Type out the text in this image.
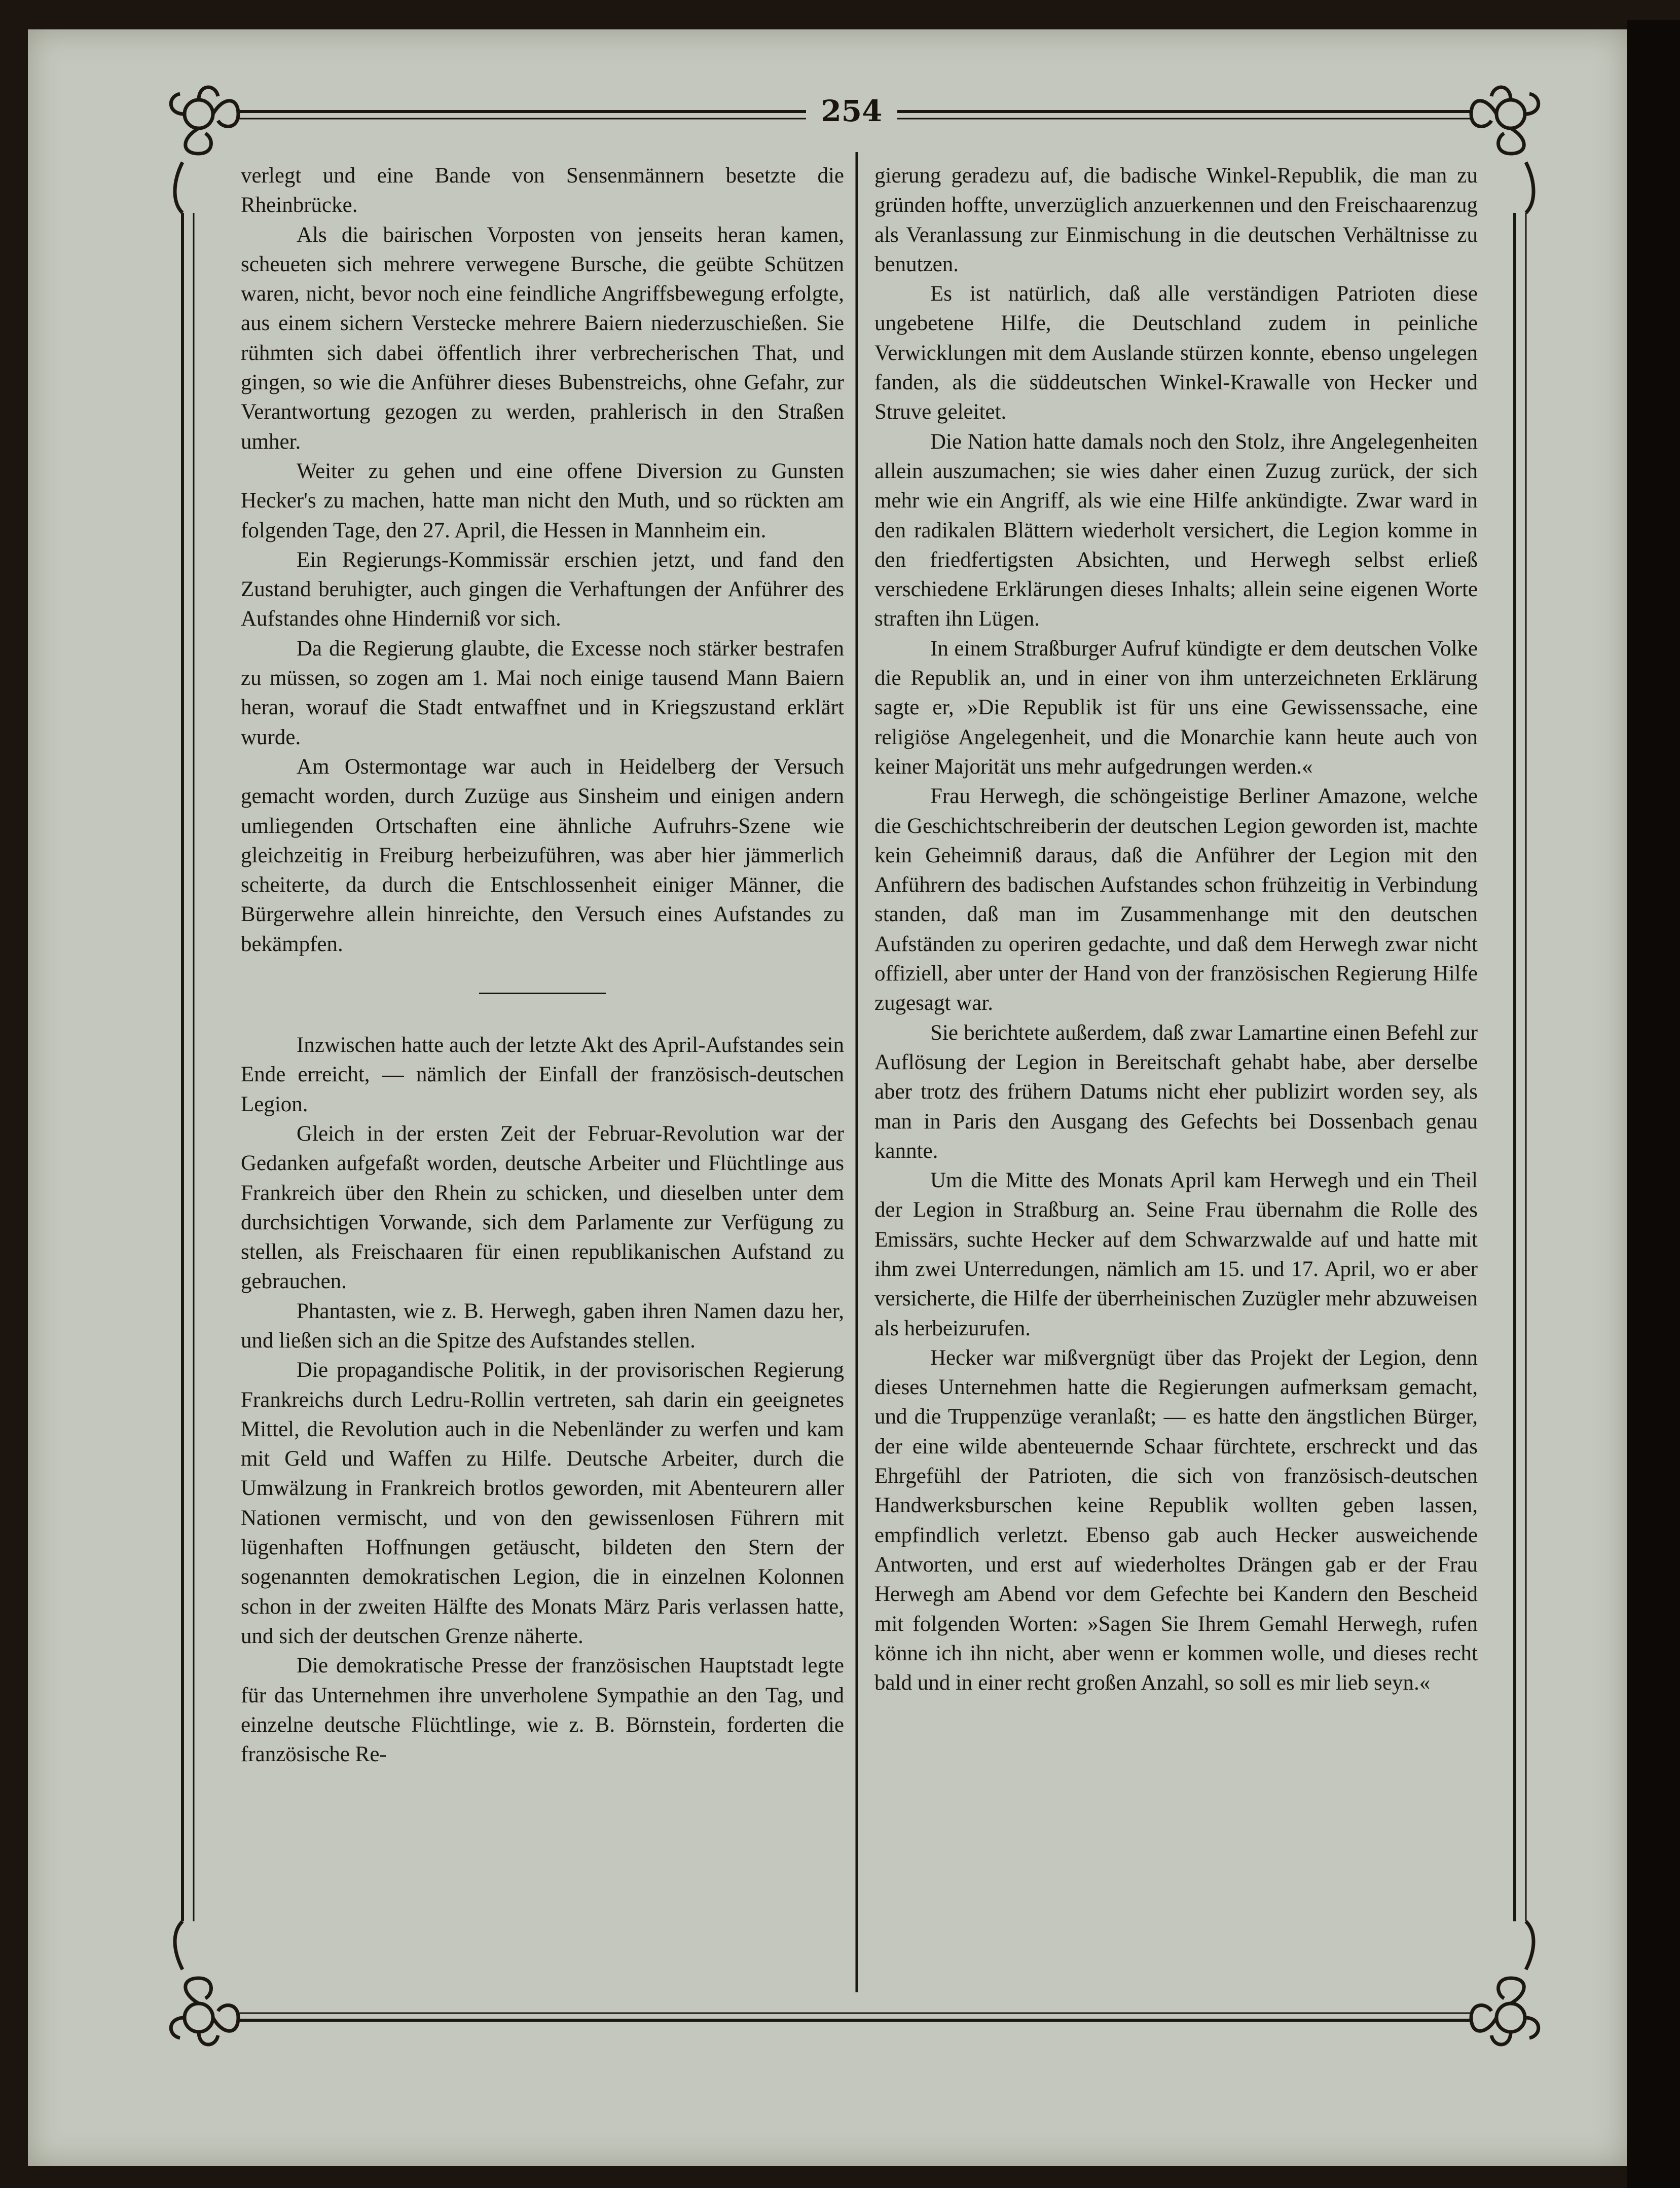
254

verlegt und eine Bande von Sensenmännern besetzte die Rheinbrücke.

Als die bairischen Vorposten von jenseits heran kamen, scheueten sich mehrere verwegene Bursche, die geübte Schützen waren, nicht, bevor noch eine feindliche Angriffsbewegung erfolgte, aus einem sichern Verstecke mehrere Baiern niederzuschießen. Sie rühmten sich dabei öffentlich ihrer verbrecherischen That, und gingen, so wie die Anführer dieses Bubenstreichs, ohne Gefahr, zur Verantwortung gezogen zu werden, prahlerisch in den Straßen umher.

Weiter zu gehen und eine offene Diversion zu Gunsten Hecker's zu machen, hatte man nicht den Muth, und so rückten am folgenden Tage, den 27. April, die Hessen in Mannheim ein.

Ein Regierungs-Kommissär erschien jetzt, und fand den Zustand beruhigter, auch gingen die Verhaftungen der Anführer des Aufstandes ohne Hinderniß vor sich.

Da die Regierung glaubte, die Excesse noch stärker bestrafen zu müssen, so zogen am 1. Mai noch einige tausend Mann Baiern heran, worauf die Stadt entwaffnet und in Kriegszustand erklärt wurde.

Am Ostermontage war auch in Heidelberg der Versuch gemacht worden, durch Zuzüge aus Sinsheim und einigen andern umliegenden Ortschaften eine ähnliche Aufruhrs-Szene wie gleichzeitig in Freiburg herbeizuführen, was aber hier jämmerlich scheiterte, da durch die Entschlossenheit einiger Männer, die Bürgerwehre allein hinreichte, den Versuch eines Aufstandes zu bekämpfen.

Inzwischen hatte auch der letzte Akt des April-Aufstandes sein Ende erreicht, — nämlich der Einfall der französisch-deutschen Legion.

Gleich in der ersten Zeit der Februar-Revolution war der Gedanken aufgefaßt worden, deutsche Arbeiter und Flüchtlinge aus Frankreich über den Rhein zu schicken, und dieselben unter dem durchsichtigen Vorwande, sich dem Parlamente zur Verfügung zu stellen, als Freischaaren für einen republikanischen Aufstand zu gebrauchen.

Phantasten, wie z. B. Herwegh, gaben ihren Namen dazu her, und ließen sich an die Spitze des Aufstandes stellen.

Die propagandische Politik, in der provisorischen Regierung Frankreichs durch Ledru-Rollin vertreten, sah darin ein geeignetes Mittel, die Revolution auch in die Nebenländer zu werfen und kam mit Geld und Waffen zu Hilfe. Deutsche Arbeiter, durch die Umwälzung in Frankreich brotlos geworden, mit Abenteurern aller Nationen vermischt, und von den gewissenlosen Führern mit lügenhaften Hoffnungen getäuscht, bildeten den Stern der sogenannten demokratischen Legion, die in einzelnen Kolonnen schon in der zweiten Hälfte des Monats März Paris verlassen hatte, und sich der deutschen Grenze näherte.

Die demokratische Presse der französischen Hauptstadt legte für das Unternehmen ihre unverholene Sympathie an den Tag, und einzelne deutsche Flüchtlinge, wie z. B. Börnstein, forderten die französische Re-

gierung geradezu auf, die badische Winkel-Republik, die man zu gründen hoffte, unverzüglich anzuerkennen und den Freischaarenzug als Veranlassung zur Einmischung in die deutschen Verhältnisse zu benutzen.

Es ist natürlich, daß alle verständigen Patrioten diese ungebetene Hilfe, die Deutschland zudem in peinliche Verwicklungen mit dem Auslande stürzen konnte, ebenso ungelegen fanden, als die süddeutschen Winkel-Krawalle von Hecker und Struve geleitet.

Die Nation hatte damals noch den Stolz, ihre Angelegenheiten allein auszumachen; sie wies daher einen Zuzug zurück, der sich mehr wie ein Angriff, als wie eine Hilfe ankündigte. Zwar ward in den radikalen Blättern wiederholt versichert, die Legion komme in den friedfertigsten Absichten, und Herwegh selbst erließ verschiedene Erklärungen dieses Inhalts; allein seine eigenen Worte straften ihn Lügen.

In einem Straßburger Aufruf kündigte er dem deutschen Volke die Republik an, und in einer von ihm unterzeichneten Erklärung sagte er, »Die Republik ist für uns eine Gewissenssache, eine religiöse Angelegenheit, und die Monarchie kann heute auch von keiner Majorität uns mehr aufgedrungen werden.«

Frau Herwegh, die schöngeistige Berliner Amazone, welche die Geschichtschreiberin der deutschen Legion geworden ist, machte kein Geheimniß daraus, daß die Anführer der Legion mit den Anführern des badischen Aufstandes schon frühzeitig in Verbindung standen, daß man im Zusammenhange mit den deutschen Aufständen zu operiren gedachte, und daß dem Herwegh zwar nicht offiziell, aber unter der Hand von der französischen Regierung Hilfe zugesagt war.

Sie berichtete außerdem, daß zwar Lamartine einen Befehl zur Auflösung der Legion in Bereitschaft gehabt habe, aber derselbe aber trotz des frühern Datums nicht eher publizirt worden sey, als man in Paris den Ausgang des Gefechts bei Dossenbach genau kannte.

Um die Mitte des Monats April kam Herwegh und ein Theil der Legion in Straßburg an. Seine Frau übernahm die Rolle des Emissärs, suchte Hecker auf dem Schwarzwalde auf und hatte mit ihm zwei Unterredungen, nämlich am 15. und 17. April, wo er aber versicherte, die Hilfe der überrheinischen Zuzügler mehr abzuweisen als herbeizurufen.

Hecker war mißvergnügt über das Projekt der Legion, denn dieses Unternehmen hatte die Regierungen aufmerksam gemacht, und die Truppenzüge veranlaßt; — es hatte den ängstlichen Bürger, der eine wilde abenteuernde Schaar fürchtete, erschreckt und das Ehrgefühl der Patrioten, die sich von französisch-deutschen Handwerksburschen keine Republik wollten geben lassen, empfindlich verletzt. Ebenso gab auch Hecker ausweichende Antworten, und erst auf wiederholtes Drängen gab er der Frau Herwegh am Abend vor dem Gefechte bei Kandern den Bescheid mit folgenden Worten: »Sagen Sie Ihrem Gemahl Herwegh, rufen könne ich ihn nicht, aber wenn er kommen wolle, und dieses recht bald und in einer recht großen Anzahl, so soll es mir lieb seyn.«
